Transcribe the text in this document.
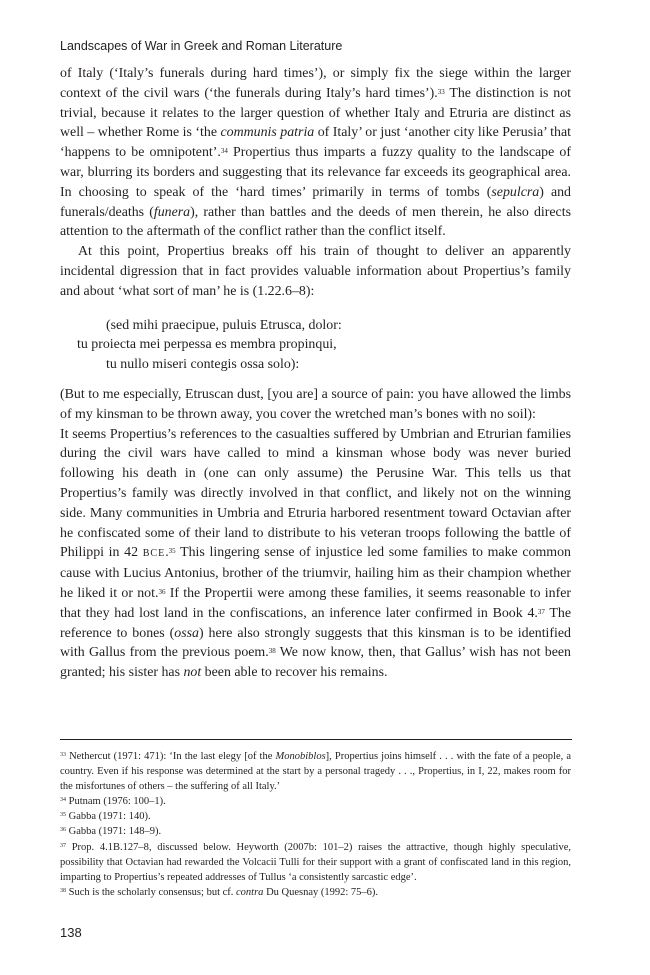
Landscapes of War in Greek and Roman Literature

of Italy (‘Italy’s funerals during hard times’), or simply fix the siege within the larger context of the civil wars (‘the funerals during Italy’s hard times’).$^{33}$ The distinction is not trivial, because it relates to the larger question of whether Italy and Etruria are distinct as well – whether Rome is ‘the communis patria of Italy’ or just ‘another city like Perusia’ that ‘happens to be omnipotent’.$^{34}$ Propertius thus imparts a fuzzy quality to the landscape of war, blurring its borders and suggesting that its relevance far exceeds its geographical area. In choosing to speak of the ‘hard times’ primarily in terms of tombs (sepulcra) and funerals/deaths (funera), rather than battles and the deeds of men therein, he also directs attention to the aftermath of the conflict rather than the conflict itself.

At this point, Propertius breaks off his train of thought to deliver an apparently incidental digression that in fact provides valuable information about Propertius’s family and about ‘what sort of man’ he is (1.22.6–8):

(sed mihi praecipue, puluis Etrusca, dolor:
tu proiecta mei perpessa es membra propinqui,
tu nullo miseri contegis ossa solo):

(But to me especially, Etruscan dust, [you are] a source of pain: you have allowed the limbs of my kinsman to be thrown away, you cover the wretched man’s bones with no soil):

It seems Propertius’s references to the casualties suffered by Umbrian and Etrurian families during the civil wars have called to mind a kinsman whose body was never buried following his death in (one can only assume) the Perusine War. This tells us that Propertius’s family was directly involved in that conflict, and likely not on the winning side. Many communities in Umbria and Etruria harbored resentment toward Octavian after he confiscated some of their land to distribute to his veteran troops following the battle of Philippi in 42 BCE.$^{35}$ This lingering sense of injustice led some families to make common cause with Lucius Antonius, brother of the triumvir, hailing him as their champion whether he liked it or not.$^{36}$ If the Propertii were among these families, it seems reasonable to infer that they had lost land in the confiscations, an inference later confirmed in Book 4.37 The reference to bones (ossa) here also strongly suggests that this kinsman is to be identified with Gallus from the previous poem.$^{38}$ We now know, then, that Gallus’ wish has not been granted; his sister has not been able to recover his remains.

$^{33}$ Nethercut (1971: 471): ‘In the last elegy [of the Monobiblos], Propertius joins himself . . . with the fate of a people, a country. Even if his response was determined at the start by a personal tragedy . . ., Propertius, in I, 22, makes room for the misfortunes of others – the suffering of all Italy.’

$^{34}$ Putnam (1976: 100–1).

$^{35}$ Gabba (1971: 140).

$^{36}$ Gabba (1971: 148–9).

$^{37}$ Prop. 4.1B.127–8, discussed below. Heyworth (2007b: 101–2) raises the attractive, though highly speculative, possibility that Octavian had rewarded the Volcacii Tulli for their support with a grant of confiscated land in this region, imparting to Propertius’s repeated addresses of Tullus ‘a consistently sarcastic edge’.

$^{38}$ Such is the scholarly consensus; but cf. contra Du Quesnay (1992: 75–6).

138
